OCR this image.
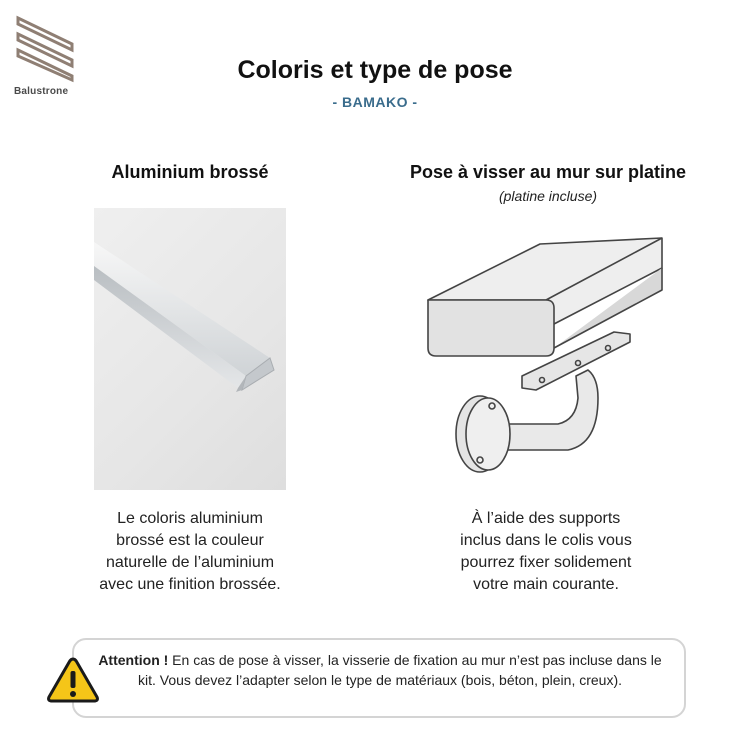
Balustrone
Coloris et type de pose
- BAMAKO -
Aluminium brossé
Le coloris aluminium
brossé est la couleur
naturelle de l’aluminium
avec une finition brossée.
Pose à visser au mur sur platine
(platine incluse)
À l’aide des supports
inclus dans le colis vous
pourrez fixer solidement
votre main courante.
Attention ! En cas de pose à visser, la visserie de fixation au mur n’est pas incluse dans le kit. Vous devez l’adapter selon le type de matériaux (bois, béton, plein, creux).
